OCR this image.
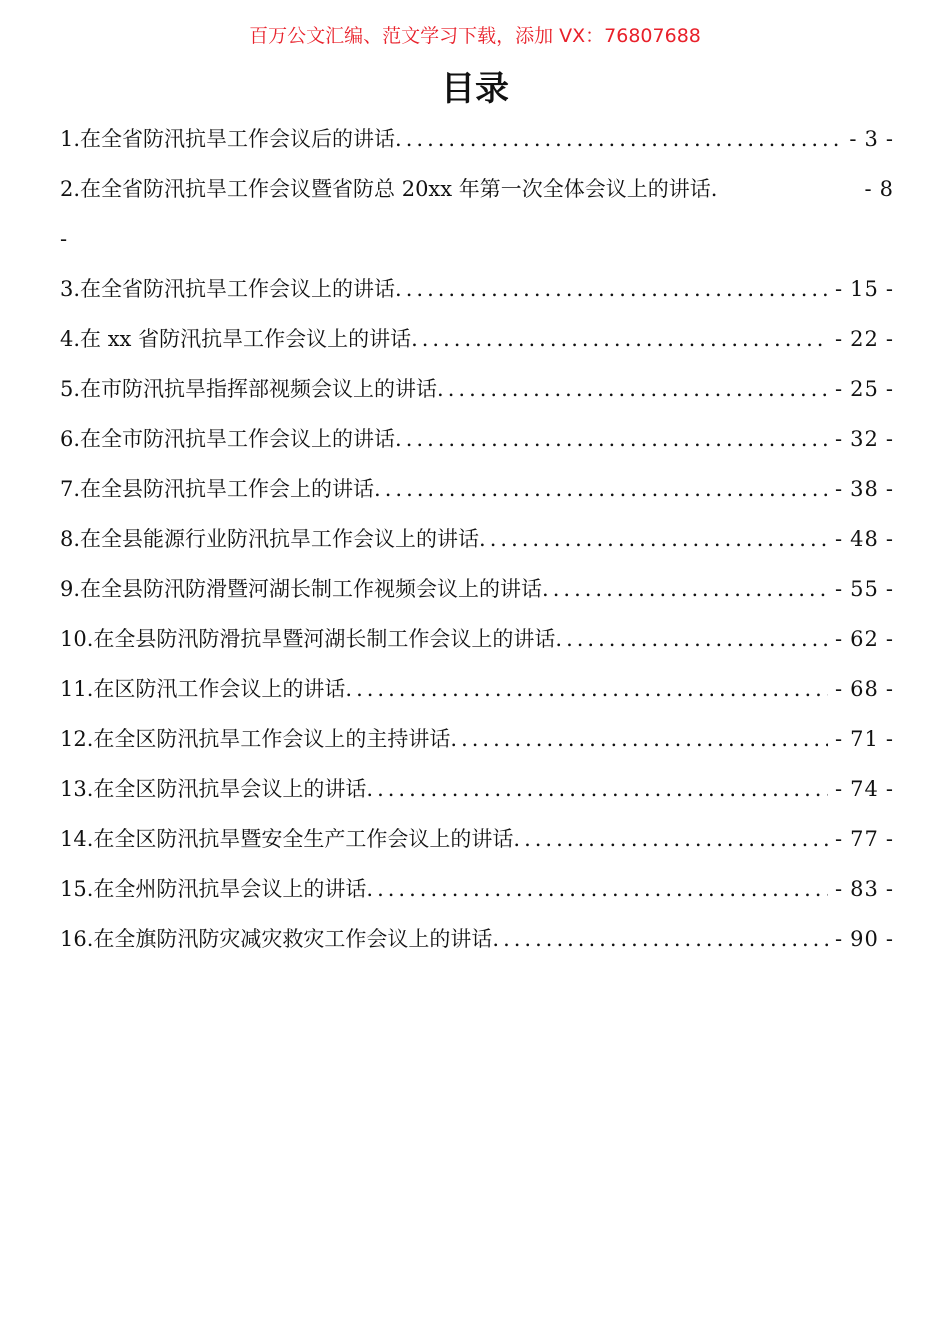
百万公文汇编、范文学习下载，添加 VX：76807688
目录
1.在全省防汛抗旱工作会议后的讲话 .....	- 3 -
2.在全省防汛抗旱工作会议暨省防总 20xx 年第一次全体会议上的讲话 .	- 8
-
3.在全省防汛抗旱工作会议上的讲话 .....	- 15 -
4.在 xx 省防汛抗旱工作会议上的讲话 .....	- 22 -
5.在市防汛抗旱指挥部视频会议上的讲话 .....	- 25 -
6.在全市防汛抗旱工作会议上的讲话 .....	- 32 -
7.在全县防汛抗旱工作会上的讲话 .....	- 38 -
8.在全县能源行业防汛抗旱工作会议上的讲话 .....	- 48 -
9.在全县防汛防滑暨河湖长制工作视频会议上的讲话 .....	- 55 -
10.在全县防汛防滑抗旱暨河湖长制工作会议上的讲话 .....	- 62 -
11.在区防汛工作会议上的讲话 .....	- 68 -
12.在全区防汛抗旱工作会议上的主持讲话 .....	- 71 -
13.在全区防汛抗旱会议上的讲话 .....	- 74 -
14.在全区防汛抗旱暨安全生产工作会议上的讲话 .....	- 77 -
15.在全州防汛抗旱会议上的讲话 .....	- 83 -
16.在全旗防汛防灾减灾救灾工作会议上的讲话 .....	- 90 -
